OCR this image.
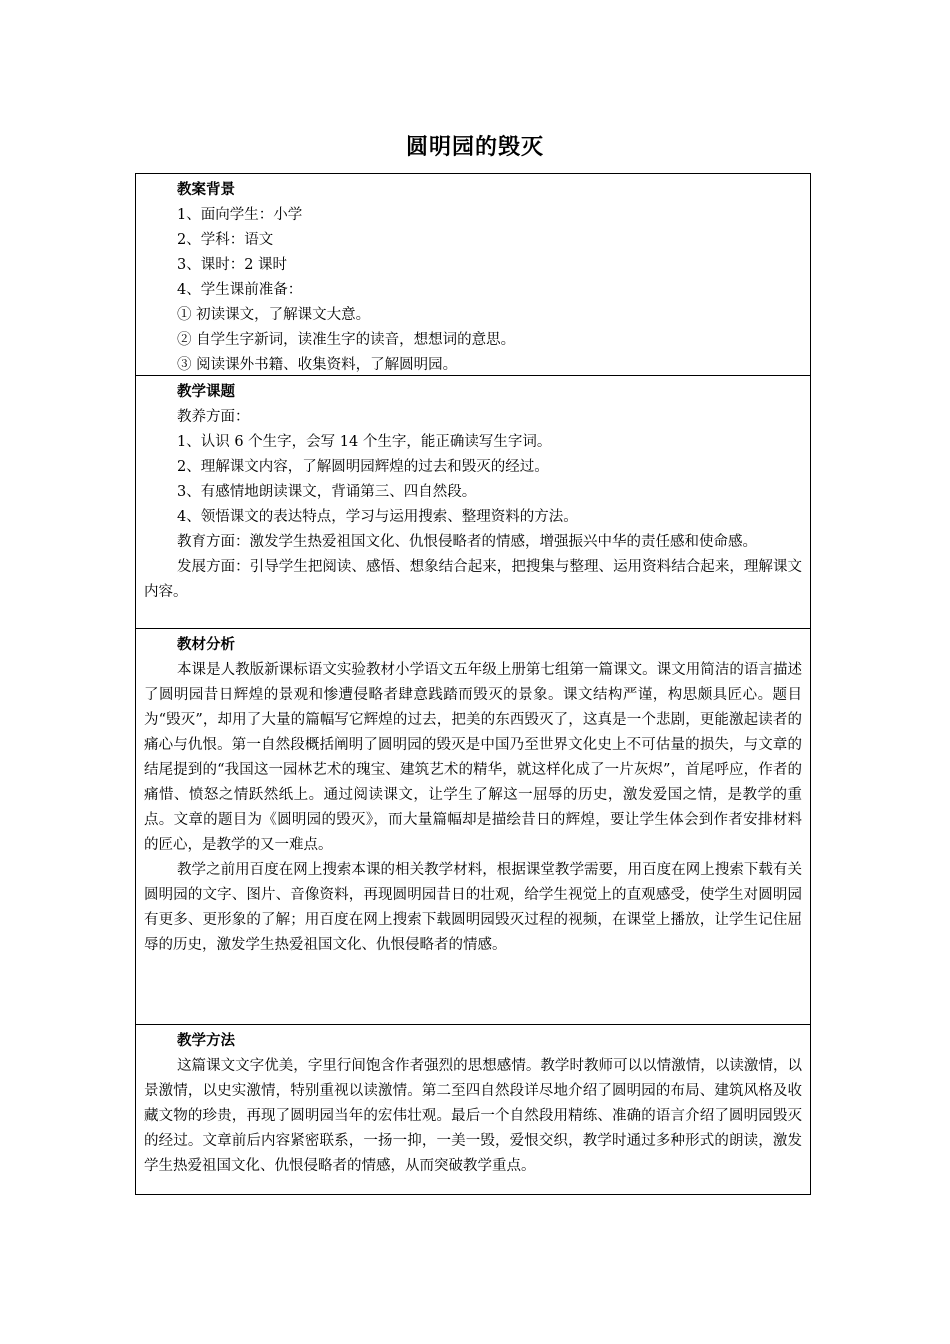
圆明园的毁灭
教案背景
1、面向学生：小学
2、学科：语文
3、课时：2 课时
4、学生课前准备：
① 初读课文，了解课文大意。
② 自学生字新词，读准生字的读音，想想词的意思。
③ 阅读课外书籍、收集资料，了解圆明园。
教学课题
教养方面：
1、认识 6 个生字，会写 14 个生字，能正确读写生字词。
2、理解课文内容，了解圆明园辉煌的过去和毁灭的经过。
3、有感情地朗读课文，背诵第三、四自然段。
4、领悟课文的表达特点，学习与运用搜索、整理资料的方法。
教育方面：激发学生热爱祖国文化、仇恨侵略者的情感，增强振兴中华的责任感和使命感。
发展方面：引导学生把阅读、感悟、想象结合起来，把搜集与整理、运用资料结合起来，理解课文内容。
教材分析
本课是人教版新课标语文实验教材小学语文五年级上册第七组第一篇课文。课文用简洁的语言描述了圆明园昔日辉煌的景观和惨遭侵略者肆意践踏而毁灭的景象。课文结构严谨，构思颇具匠心。题目为“毁灭”，却用了大量的篇幅写它辉煌的过去，把美的东西毁灭了，这真是一个悲剧，更能激起读者的痛心与仇恨。第一自然段概括阐明了圆明园的毁灭是中国乃至世界文化史上不可估量的损失，与文章的结尾提到的“我国这一园林艺术的瑰宝、建筑艺术的精华，就这样化成了一片灰烬”，首尾呼应，作者的痛惜、愤怒之情跃然纸上。通过阅读课文，让学生了解这一屈辱的历史，激发爱国之情，是教学的重点。文章的题目为《圆明园的毁灭》，而大量篇幅却是描绘昔日的辉煌，要让学生体会到作者安排材料的匠心，是教学的又一难点。
教学之前用百度在网上搜索本课的相关教学材料，根据课堂教学需要，用百度在网上搜索下载有关圆明园的文字、图片、音像资料，再现圆明园昔日的壮观，给学生视觉上的直观感受，使学生对圆明园有更多、更形象的了解；用百度在网上搜索下载圆明园毁灭过程的视频，在课堂上播放，让学生记住屈辱的历史，激发学生热爱祖国文化、仇恨侵略者的情感。
教学方法
这篇课文文字优美，字里行间饱含作者强烈的思想感情。教学时教师可以以情激情，以读激情，以景激情，以史实激情，特别重视以读激情。第二至四自然段详尽地介绍了圆明园的布局、建筑风格及收藏文物的珍贵，再现了圆明园当年的宏伟壮观。最后一个自然段用精练、准确的语言介绍了圆明园毁灭的经过。文章前后内容紧密联系，一扬一抑，一美一毁，爱恨交织，教学时通过多种形式的朗读，激发学生热爱祖国文化、仇恨侵略者的情感，从而突破教学重点。
